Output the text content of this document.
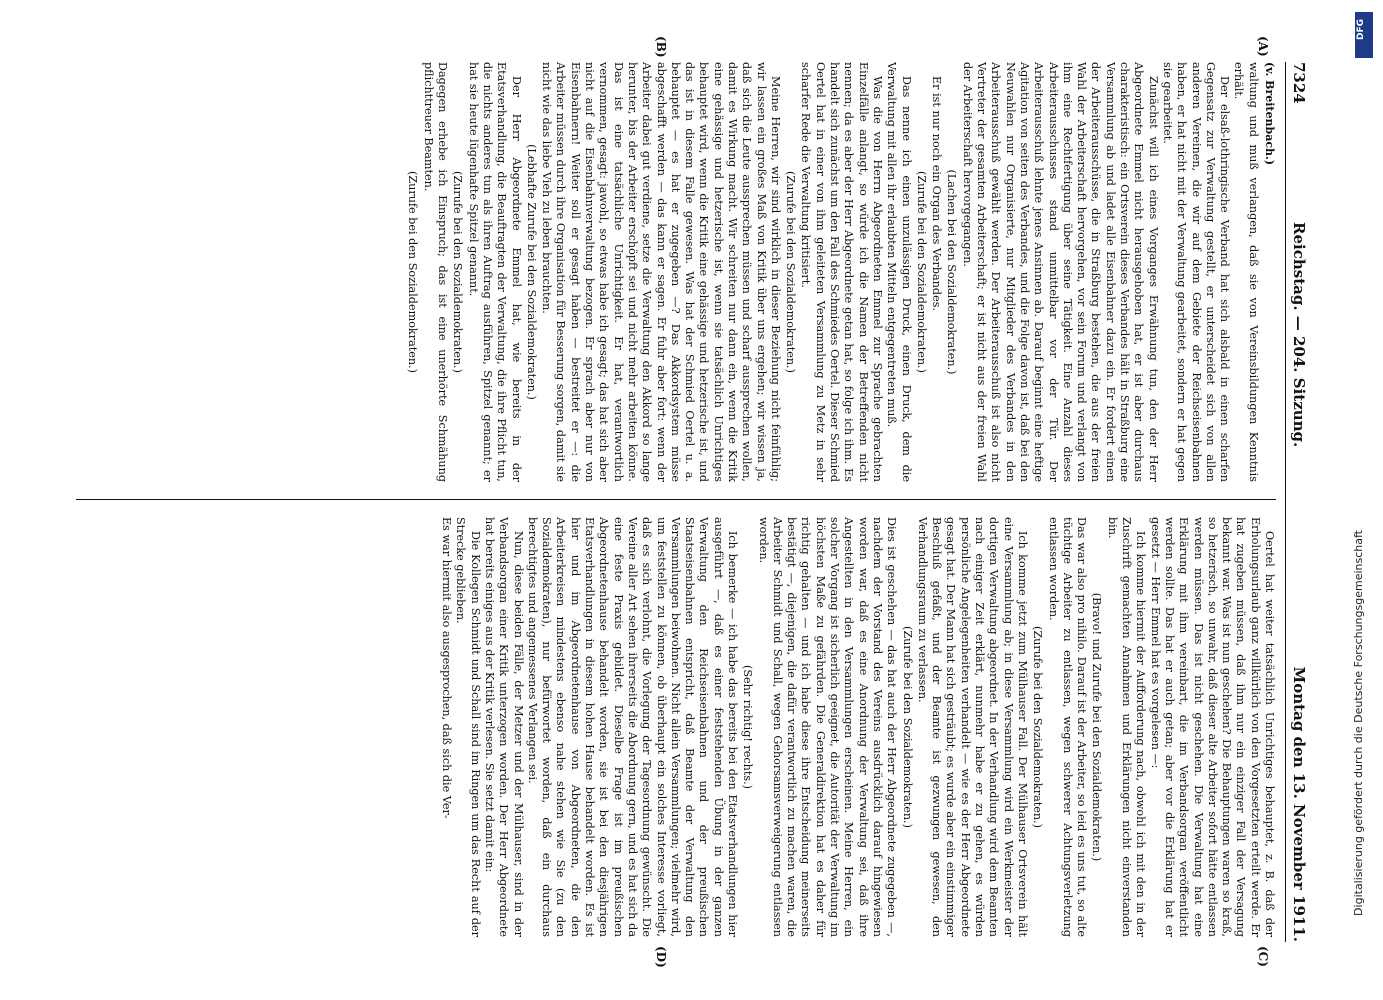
7324
Reichstag. — 204. Sitzung.
Montag den 13. November 1911.
(A)
(B)
(C)
(D)
(v. Breitenbach.)

waltung und muß verlangen, daß sie von Vereinsbildungen Kenntnis erhält.

Der elsaß-lothringische Verband hat sich alsbald in einen scharfen Gegensatz zur Verwaltung gestellt, er unterscheidet sich von allen anderen Vereinen, die wir auf dem Gebiete der Reichseisenbahnen haben, er hat nicht mit der Verwaltung gearbeitet, sondern er hat gegen sie gearbeitet.

Zunächst will ich eines Vorganges Erwähnung tun, den der Herr Abgeordnete Emmel nicht herausgehoben hat, er ist aber durchaus charakteristisch: ein Ortsverein dieses Verbandes hält in Straßburg eine Versammlung ab und ladet alle Eisenbahner dazu ein. Er fordert einen der Arbeiterausschüsse, die in Straßburg bestehen, die aus der freien Wahl der Arbeiterschaft hervorgehen, vor sein Forum und verlangt von ihm eine Rechtfertigung über seine Tätigkeit. Eine Anzahl dieses Arbeiterausschusses stand unmittelbar vor der Tür. Der Arbeiterausschuß lehnte jenes Ansinnen ab. Darauf beginnt eine heftige Agitation von seiten des Verbandes, und die Folge davon ist, daß bei den Neuwahlen nur Organisierte, nur Mitglieder des Verbandes in den Arbeiterausschuß gewählt werden. Der Arbeiterausschuß ist also nicht Vertreter der gesamten Arbeiterschaft; er ist nicht aus der freien Wahl der Arbeiterschaft hervorgegangen.

(Lachen bei den Sozialdemokraten.)

Er ist nur noch ein Organ des Verbandes.

(Zurufe bei den Sozialdemokraten.)

Das nenne ich einen unzulässigen Druck, einen Druck, dem die Verwaltung mit allen ihr erlaubten Mitteln entgegentreten muß.

Was die von Herrn Abgeordneten Emmel zur Sprache gebrachten Einzelfälle anlangt, so würde ich die Namen der Betreffenden nicht nennen; da es aber der Herr Abgeordnete getan hat, so folge ich ihm. Es handelt sich zunächst um den Fall des Schmiedes Oertel. Dieser Schmied Oertel hat in einer von ihm geleiteten Versammlung zu Metz in sehr scharfer Rede die Verwaltung kritisiert.

(Zurufe bei den Sozialdemokraten.)

Meine Herren, wir sind wirklich in dieser Beziehung nicht feinfühlig; wir lassen ein großes Maß von Kritik über uns ergehen; wir wissen ja, daß sich die Leute aussprechen müssen und scharf aussprechen wollen, damit es Wirkung macht. Wir schreiten nur dann ein, wenn die Kritik eine gehässige und hetzerische ist, wenn sie tatsächlich Unrichtiges behauptet wird, wenn die Kritik eine gehässige und hetzerische ist, und das ist in diesem Falle gewesen. Was hat der Schmied Oertel u. a. behauptet — es hat er zugegeben —? Das Akkordsystem müsse abgeschafft werden — das kann er sagen. Er fuhr aber fort: wenn der Arbeiter dabei gut verdiene, setze die Verwaltung den Akkord so lange herunter, bis der Arbeiter erschöpft sei und nicht mehr arbeiten könne. Das ist eine tatsächliche Unrichtigkeit. Er hat, verantwortlich vernommen, gesagt: jawohl, so etwas habe ich gesagt; das hat sich aber nicht auf die Eisenbahnverwaltung bezogen. Er sprach aber nur von Eisenbahnern! Weiter soll er gesagt haben — bestreitet er —: die Arbeiter müssen durch ihre Organisation für Besserung sorgen, damit sie nicht wie das liebe Vieh zu leben brauchten.

(Lebhafte Zurufe bei den Sozialdemokraten.)

Der Herr Abgeordnete Emmel hat, wie bereits in der Etatsverhandlung, die Beauftragten der Verwaltung, die ihre Pflicht tun, die nichts anderes tun als ihren Auftrag ausführen, Spitzel genannt; er hat sie heute lügenhafte Spitzel genannt.

(Zurufe bei den Sozialdemokraten.)

Dagegen erhebe ich Einspruch; das ist eine unerhörte Schmähung pflichttreuer Beamten.

(Zurufe bei den Sozialdemokraten.)

Oertel hat weiter tatsächlich Unrichtiges behauptet, z. B. daß der Erholungsurlaub ganz willkürlich von den Vorgesetzten erteilt werde. Er hat zugeben müssen, daß ihm nur ein einziger Fall der Versagung bekannt war. Was ist nun geschehen? Die Behauptungen waren so kraß, so hetzerisch, so unwahr, daß dieser alte Arbeiter sofort hätte entlassen werden müssen. Das ist nicht geschehen. Die Verwaltung hat eine Erklärung mit ihm vereinbart, die im Verbandsorgan veröffentlicht werden sollte. Das hat er auch getan; aber vor die Erklärung hat er gesetzt — Herr Emmel hat es vorgelesen —:

Ich komme hiermit der Aufforderung nach, obwohl ich mit den in der Zuschrift gemachten Annahmen und Erklärungen nicht einverstanden bin.

(Bravo! und Zurufe bei den Sozialdemokraten.)

Das war also pro nihilo. Darauf ist der Arbeiter, so leid es uns tut, so alte tüchtige Arbeiter zu entlassen, wegen schwerer Achtungsverletzung entlassen worden.

(Zurufe bei den Sozialdemokraten.)

Ich komme jetzt zum Mülhauser Fall. Der Mülhauser Ortsverein hält eine Versammlung ab; in diese Versammlung wird ein Werkmeister der dortigen Verwaltung abgeordnet. In der Verhandlung wird dem Beamten nach einiger Zeit erklärt, nunmehr habe er zu gehen, es würden persönliche Angelegenheiten verhandelt — wie es der Herr Abgeordnete gesagt hat. Der Mann hat sich gesträubt; es wurde aber ein einstimmiger Beschluß gefaßt, und der Beamte ist gezwungen gewesen, den Verhandlungsraum zu verlassen.

(Zurufe bei den Sozialdemokraten.)

Dies ist geschehen — das hat auch der Herr Abgeordnete zugegeben —, nachdem der Vorstand des Vereins ausdrücklich darauf hingewiesen worden war, daß es eine Anordnung der Verwaltung sei, daß ihre Angestellten in den Versammlungen erscheinen. Meine Herren, ein solcher Vorgang ist sicherlich geeignet, die Autorität der Verwaltung im höchsten Maße zu gefährden. Die Generaldirektion hat es daher für richtig gehalten — und ich habe diese ihre Entscheidung meinerseits bestätigt —, diejenigen, die dafür verantwortlich zu machen waren, die Arbeiter Schmidt und Schall, wegen Gehorsamsverweigerung entlassen worden.

(Sehr richtig! rechts.)

Ich bemerke — ich habe das bereits bei den Etatsverhandlungen hier ausgeführt —, daß es einer feststehenden Übung in der ganzen Verwaltung den Reichseisenbahnen und der preußischen Staatseisenbahnen entspricht, daß Beamte der Verwaltung den Versammlungen beiwohnen. Nicht allein Versammlungen; vielmehr wird, um feststellen zu können, ob überhaupt ein solches Interesse vorliegt, daß es sich verlohnt, die Vorlegung der Tagesordnung gewünscht. Die Vereine aller Art sehen ihrerseits die Abordnung gern, und es hat sich da eine feste Praxis gebildet. Dieselbe Frage ist im preußischen Abgeordnetenhause behandelt worden, sie ist bei den diesjährigen Etatsverhandlungen in diesem hohen Hause behandelt worden. Es ist hier und im Abgeordnetenhause von Abgeordneten, die den Arbeiterkreisen mindestens ebenso nahe stehen wie Sie (zu den Sozialdemokraten), nur befürwortet worden, daß ein durchaus berechtigtes und angemessenes Verlangen sei.

Nun, diese beiden Fälle, der Metzer und der Mülhauser, sind in der Verbandsorgan einer Kritik unterzogen worden. Der Herr Abgeordnete hat bereits einiges aus der Kritik verlesen. Sie setzt damit ein:

Die Kollegen Schmidt und Schall sind im Ringen um das Recht auf der Strecke geblieben.

Es war hiermit also ausgesprochen, daß sich die Ver-

DFG
Digitalisierung gefördert durch die Deutsche Forschungsgemeinschaft
